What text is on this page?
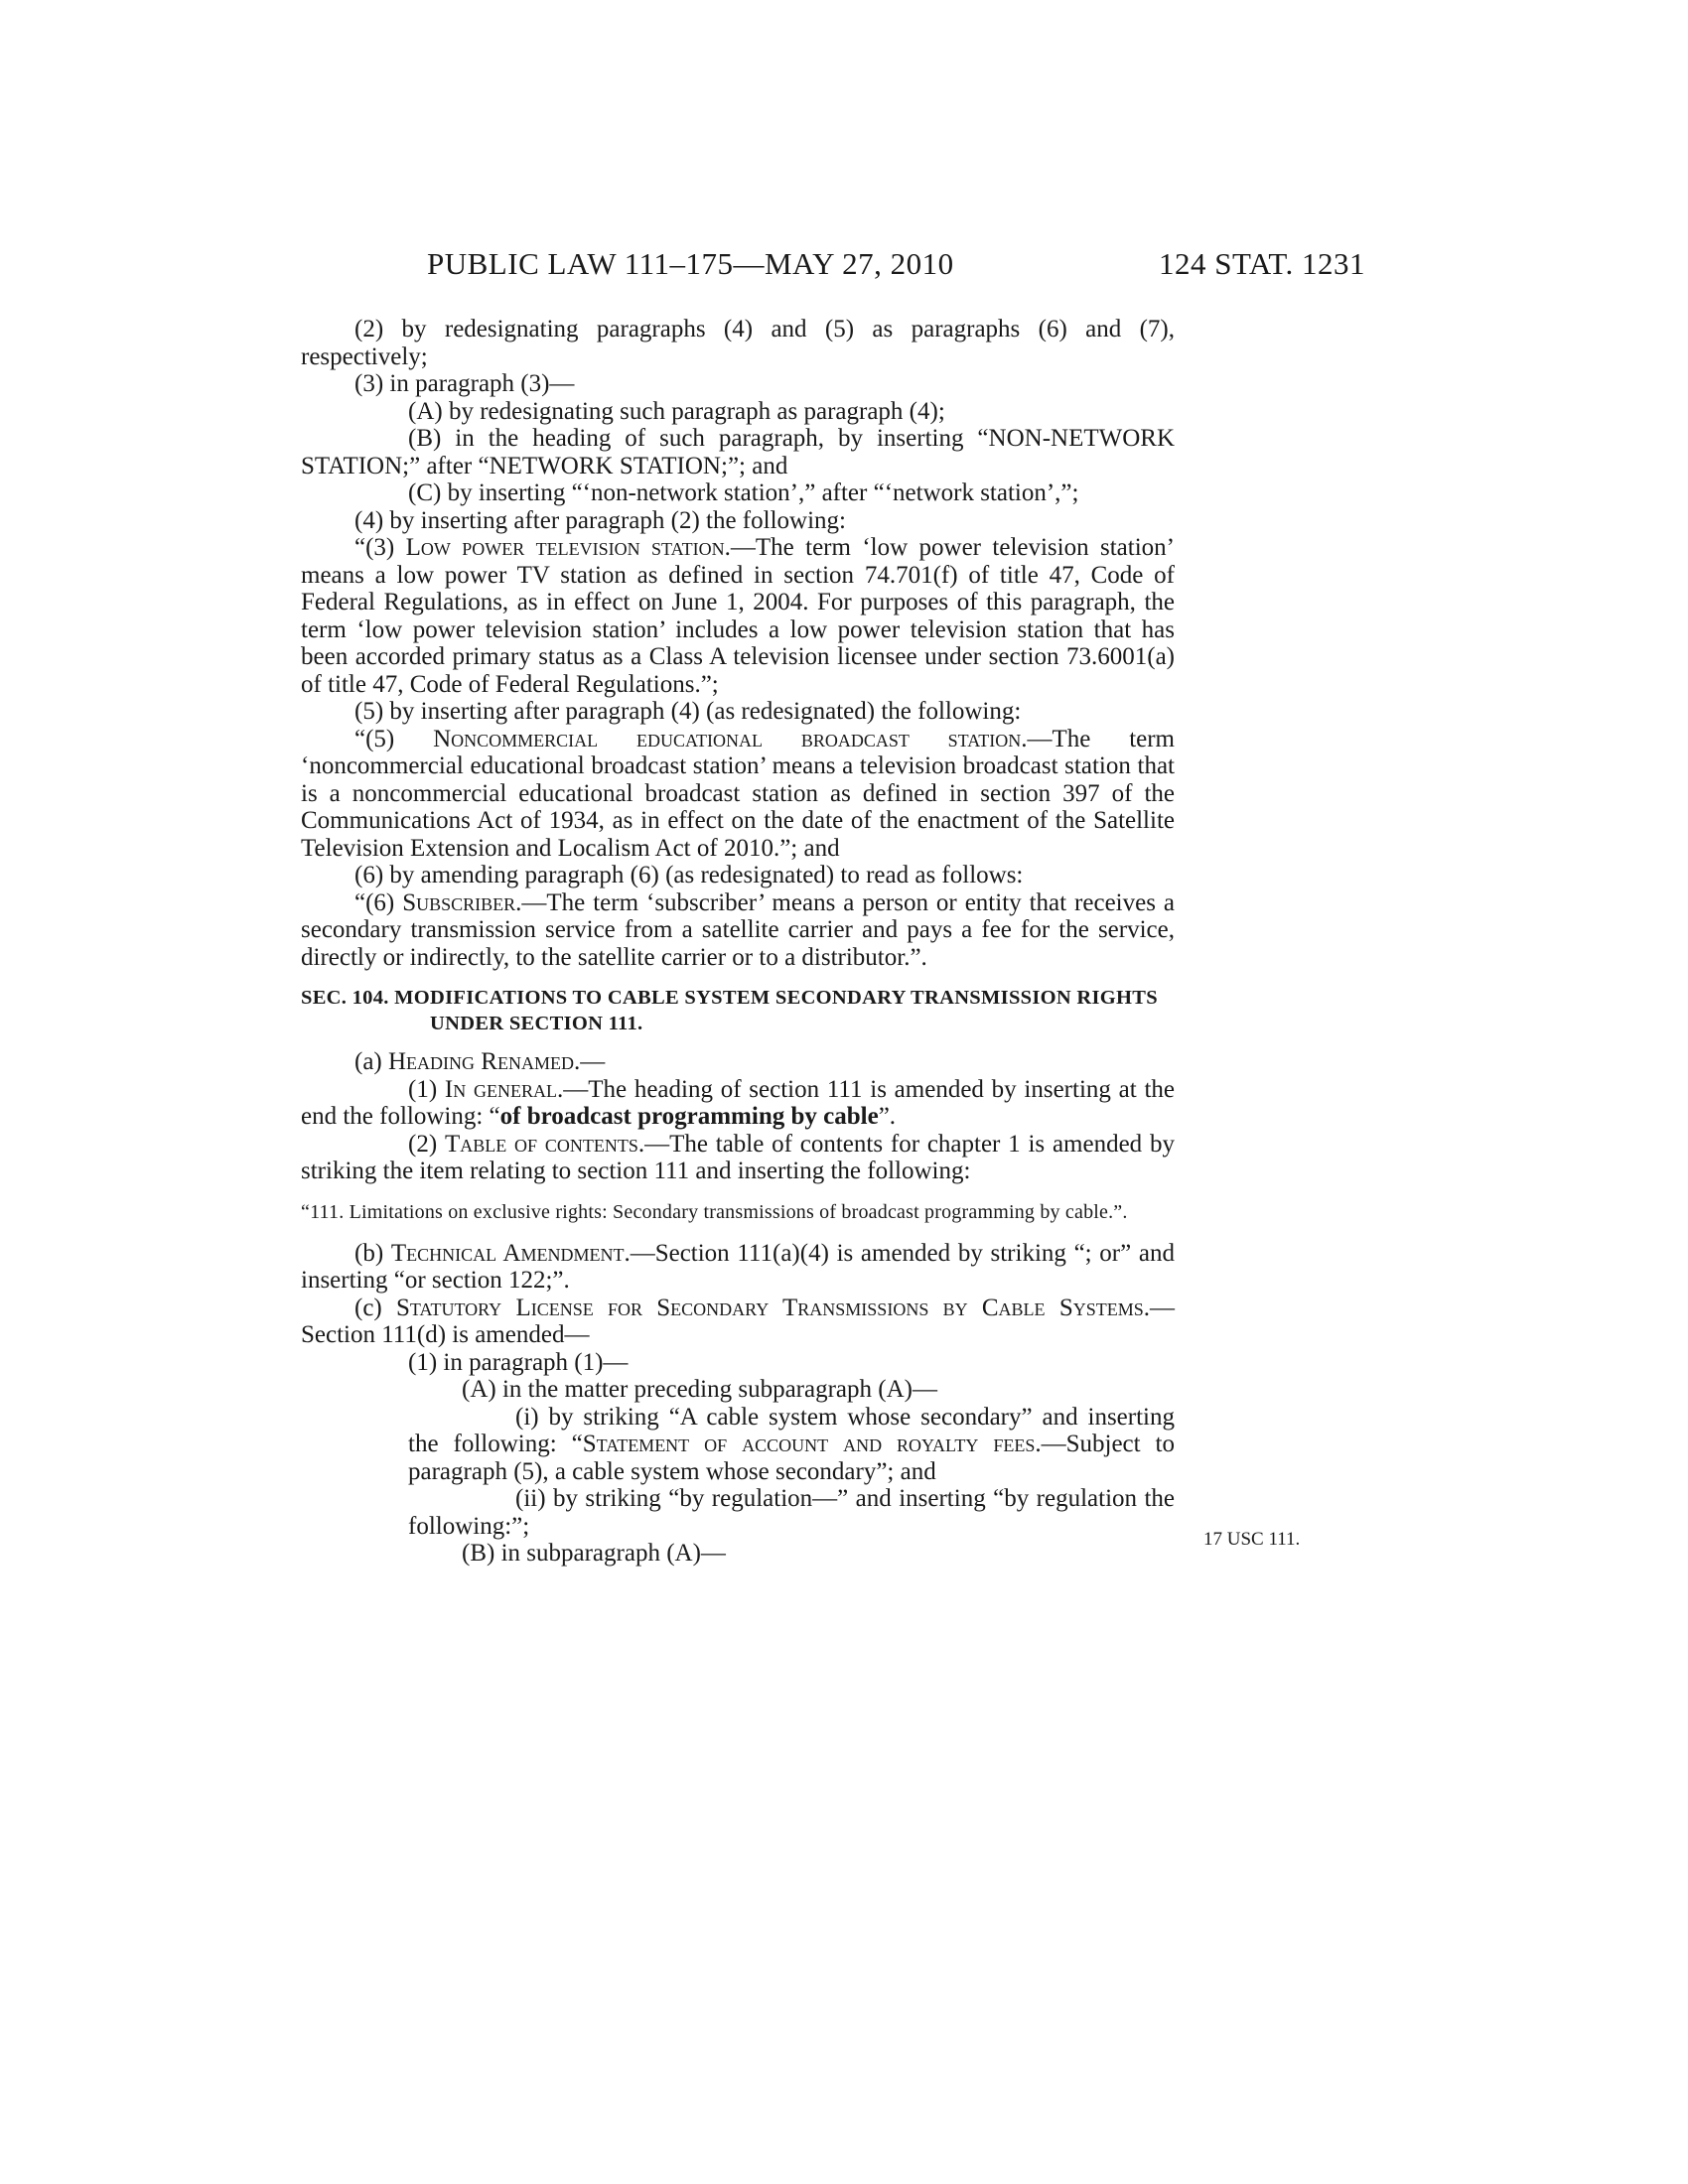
PUBLIC LAW 111–175—MAY 27, 2010	124 STAT. 1231

(2) by redesignating paragraphs (4) and (5) as paragraphs (6) and (7), respectively;

(3) in paragraph (3)—

(A) by redesignating such paragraph as paragraph (4);

(B) in the heading of such paragraph, by inserting “NON-NETWORK STATION;” after “NETWORK STATION;”; and

(C) by inserting “‘non-network station’,” after “‘network station’,”;

(4) by inserting after paragraph (2) the following:

“(3) Low power television station.—The term ‘low power television station’ means a low power TV station as defined in section 74.701(f) of title 47, Code of Federal Regulations, as in effect on June 1, 2004. For purposes of this paragraph, the term ‘low power television station’ includes a low power television station that has been accorded primary status as a Class A television licensee under section 73.6001(a) of title 47, Code of Federal Regulations.”;

(5) by inserting after paragraph (4) (as redesignated) the following:

“(5) Noncommercial educational broadcast station.—The term ‘noncommercial educational broadcast station’ means a television broadcast station that is a noncommercial educational broadcast station as defined in section 397 of the Communications Act of 1934, as in effect on the date of the enactment of the Satellite Television Extension and Localism Act of 2010.”; and

(6) by amending paragraph (6) (as redesignated) to read as follows:

“(6) Subscriber.—The term ‘subscriber’ means a person or entity that receives a secondary transmission service from a satellite carrier and pays a fee for the service, directly or indirectly, to the satellite carrier or to a distributor.”.

SEC. 104. MODIFICATIONS TO CABLE SYSTEM SECONDARY TRANSMISSION RIGHTS UNDER SECTION 111.

(a) Heading Renamed.—

(1) In general.—The heading of section 111 is amended by inserting at the end the following: “of broadcast programming by cable”.

(2) Table of contents.—The table of contents for chapter 1 is amended by striking the item relating to section 111 and inserting the following:

“111. Limitations on exclusive rights: Secondary transmissions of broadcast programming by cable.”.

(b) Technical Amendment.—Section 111(a)(4) is amended by striking “; or” and inserting “or section 122;”.

(c) Statutory License for Secondary Transmissions by Cable Systems.—Section 111(d) is amended—

(1) in paragraph (1)—

(A) in the matter preceding subparagraph (A)—

(i) by striking “A cable system whose secondary” and inserting the following: “Statement of account and royalty fees.—Subject to paragraph (5), a cable system whose secondary”; and

(ii) by striking “by regulation—” and inserting “by regulation the following:”;

(B) in subparagraph (A)—

17 USC 111.
